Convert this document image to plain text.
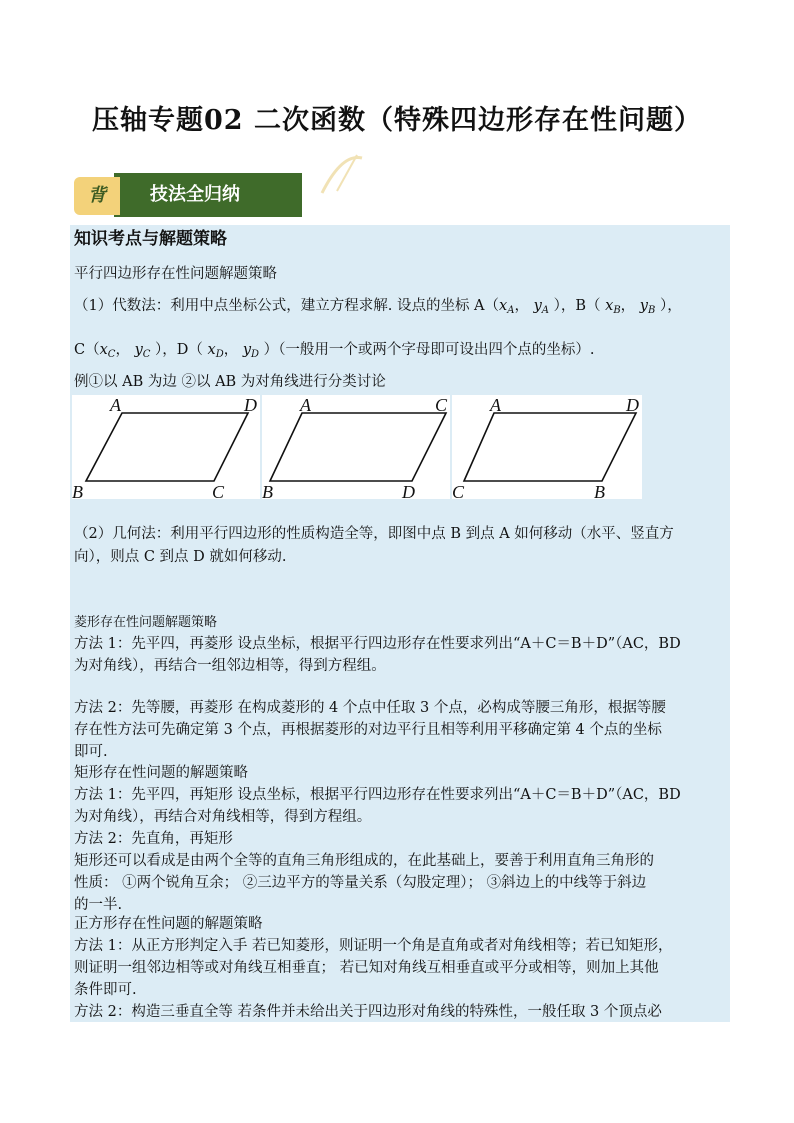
压轴专题02 二次函数（特殊四边形存在性问题）
技法全归纳
背
知识考点与解题策略
平行四边形存在性问题解题策略
（1）代数法：利用中点坐标公式，建立方程求解. 设点的坐标 $A(x_A$， $y_A$ ），B（ $x_B$， $y_B$ ），
$C(x_C$， $y_C$ ），D（ $x_D$， $y_D$ ）（一般用一个或两个字母即可设出四个点的坐标）.
例①以 AB 为边 ②以 AB 为对角线进行分类讨论
A	D
B	C
A	C
B	D
A	D
C	B
（2）几何法：利用平行四边形的性质构造全等，即图中点 B 到点 A 如何移动（水平、竖直方
向），则点 C 到点 D 就如何移动.
菱形存在性问题解题策略
方法 1：先平四，再菱形 设点坐标，根据平行四边形存在性要求列出“A＋C＝B＋D”（AC，BD
为对角线），再结合一组邻边相等，得到方程组。
方法 2：先等腰，再菱形 在构成菱形的 4 个点中任取 3 个点，必构成等腰三角形，根据等腰
存在性方法可先确定第 3 个点，再根据菱形的对边平行且相等利用平移确定第 4 个点的坐标
即可.
矩形存在性问题的解题策略
方法 1：先平四，再矩形 设点坐标，根据平行四边形存在性要求列出“A＋C＝B＋D”（AC，BD
为对角线），再结合对角线相等，得到方程组。
方法 2：先直角，再矩形
矩形还可以看成是由两个全等的直角三角形组成的，在此基础上，要善于利用直角三角形的
性质： ①两个锐角互余； ②三边平方的等量关系（勾股定理）； ③斜边上的中线等于斜边
的一半.
正方形存在性问题的解题策略
方法 1：从正方形判定入手 若已知菱形，则证明一个角是直角或者对角线相等；若已知矩形，
则证明一组邻边相等或对角线互相垂直； 若已知对角线互相垂直或平分或相等，则加上其他
条件即可.
方法 2：构造三垂直全等 若条件并未给出关于四边形对角线的特殊性，一般任取 3 个顶点必
